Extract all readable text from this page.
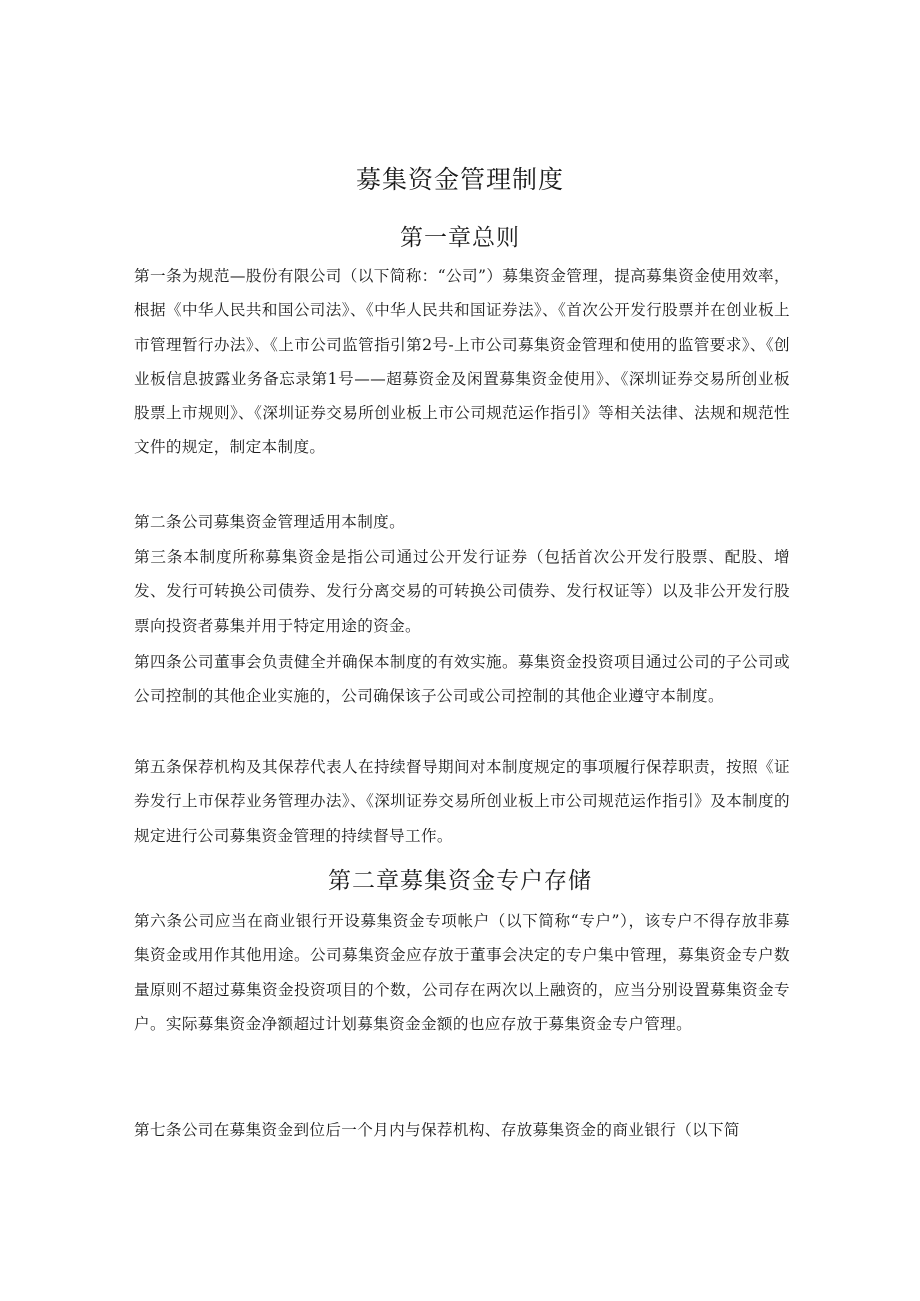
募集资金管理制度
第一章总则

第一条为规范—股份有限公司（以下简称：“公司”）募集资金管理，提高募集资金使用效率，根据《中华人民共和国公司法》、《中华人民共和国证券法》、《首次公开发行股票并在创业板上市管理暂行办法》、《上市公司监管指引第2号-上市公司募集资金管理和使用的监管要求》、《创业板信息披露业务备忘录第1号——超募资金及闲置募集资金使用》、《深圳证券交易所创业板股票上市规则》、《深圳证券交易所创业板上市公司规范运作指引》等相关法律、法规和规范性文件的规定，制定本制度。

第二条公司募集资金管理适用本制度。

第三条本制度所称募集资金是指公司通过公开发行证券（包括首次公开发行股票、配股、增发、发行可转换公司债券、发行分离交易的可转换公司债券、发行权证等）以及非公开发行股票向投资者募集并用于特定用途的资金。

第四条公司董事会负责健全并确保本制度的有效实施。募集资金投资项目通过公司的子公司或公司控制的其他企业实施的，公司确保该子公司或公司控制的其他企业遵守本制度。

第五条保荐机构及其保荐代表人在持续督导期间对本制度规定的事项履行保荐职责，按照《证券发行上市保荐业务管理办法》、《深圳证券交易所创业板上市公司规范运作指引》及本制度的规定进行公司募集资金管理的持续督导工作。

第二章募集资金专户存储

第六条公司应当在商业银行开设募集资金专项帐户（以下简称“专户”），该专户不得存放非募集资金或用作其他用途。公司募集资金应存放于董事会决定的专户集中管理，募集资金专户数量原则不超过募集资金投资项目的个数，公司存在两次以上融资的，应当分别设置募集资金专户。实际募集资金净额超过计划募集资金金额的也应存放于募集资金专户管理。

第七条公司在募集资金到位后一个月内与保荐机构、存放募集资金的商业银行（以下简
